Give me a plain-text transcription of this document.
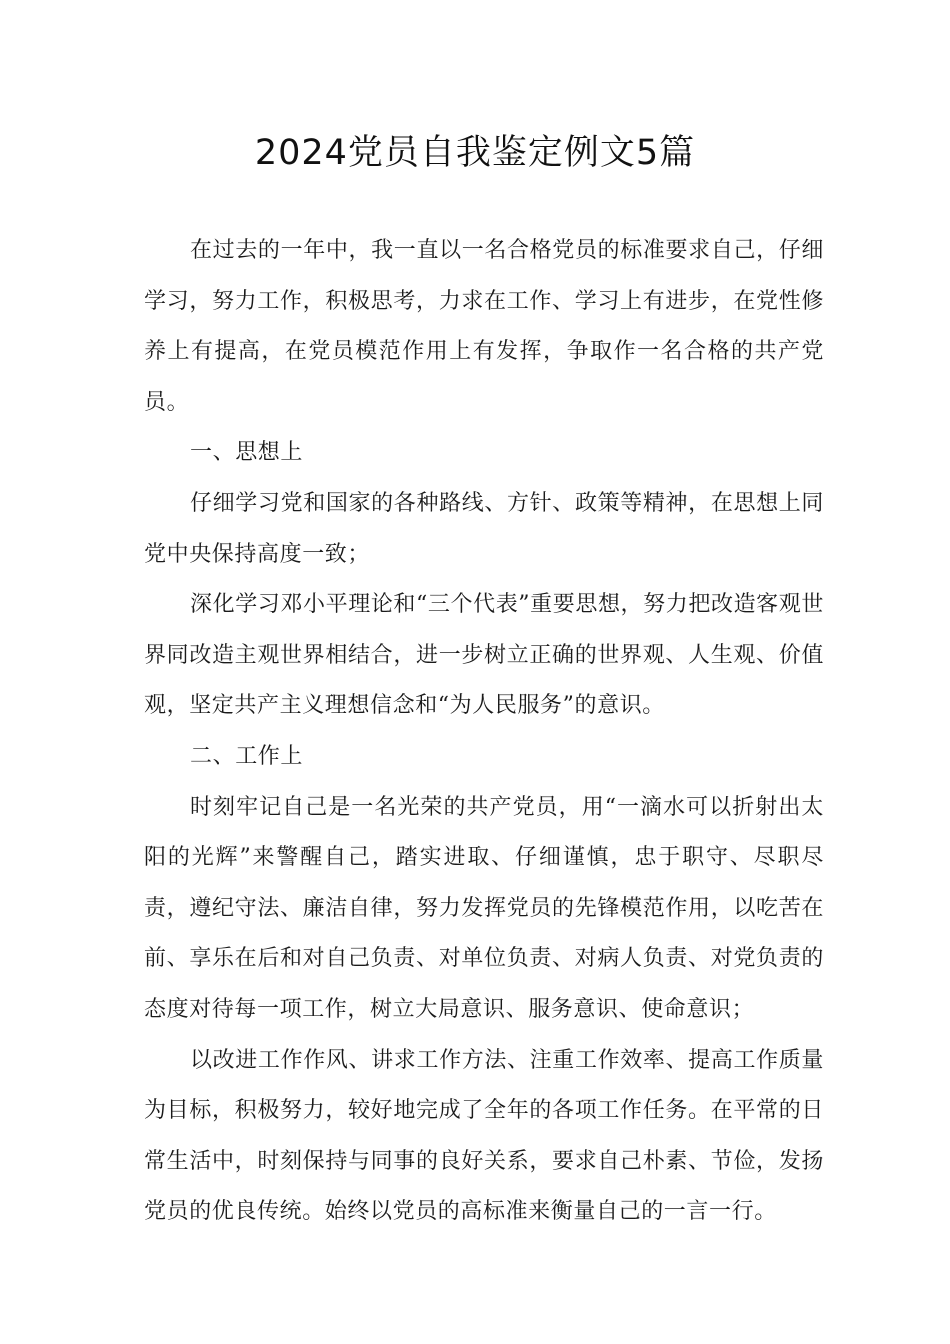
2024党员自我鉴定例文5篇

在过去的一年中，我一直以一名合格党员的标准要求自己，仔细学习，努力工作，积极思考，力求在工作、学习上有进步，在党性修养上有提高，在党员模范作用上有发挥，争取作一名合格的共产党员。

一、思想上

仔细学习党和国家的各种路线、方针、政策等精神，在思想上同党中央保持高度一致；

深化学习邓小平理论和“三个代表”重要思想，努力把改造客观世界同改造主观世界相结合，进一步树立正确的世界观、人生观、价值观，坚定共产主义理想信念和“为人民服务”的意识。

二、工作上

时刻牢记自己是一名光荣的共产党员，用“一滴水可以折射出太阳的光辉”来警醒自己，踏实进取、仔细谨慎，忠于职守、尽职尽责，遵纪守法、廉洁自律，努力发挥党员的先锋模范作用，以吃苦在前、享乐在后和对自己负责、对单位负责、对病人负责、对党负责的态度对待每一项工作，树立大局意识、服务意识、使命意识；

以改进工作作风、讲求工作方法、注重工作效率、提高工作质量为目标，积极努力，较好地完成了全年的各项工作任务。在平常的日常生活中，时刻保持与同事的良好关系，要求自己朴素、节俭，发扬党员的优良传统。始终以党员的高标准来衡量自己的一言一行。
